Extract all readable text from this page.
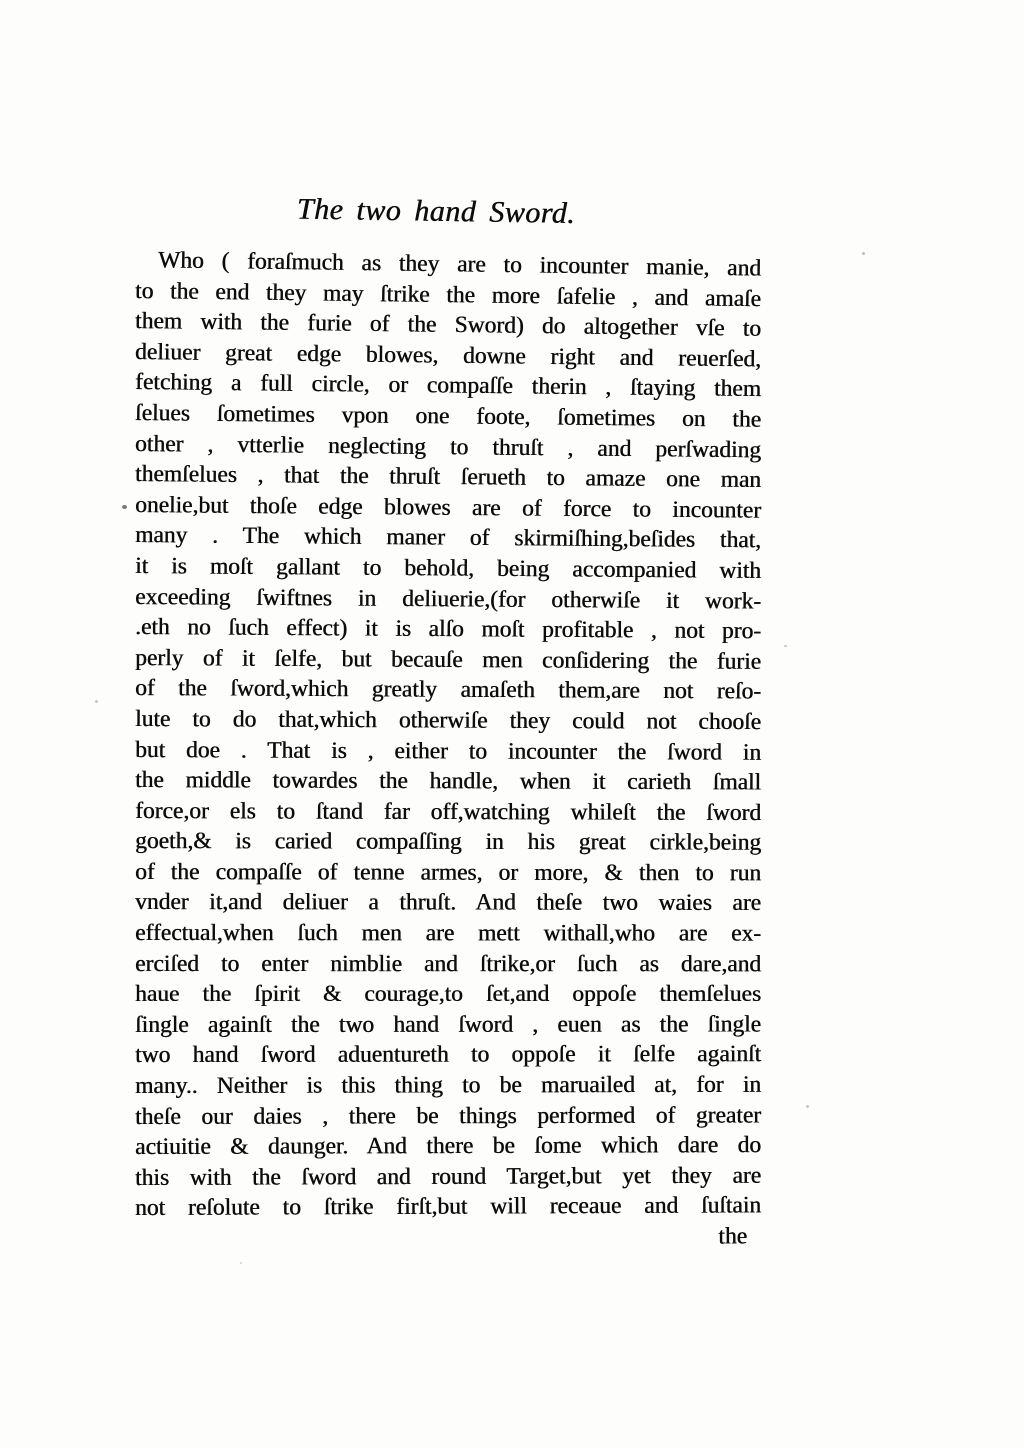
The two hand Sword.
Who ( foraſmuch as they are to incounter manie, and
to the end they may ſtrike the more ſafelie , and amaſe
them with the furie of the Sword) do altogether vſe to
deliuer great edge blowes, downe right and reuerſed,
fetching a full circle, or compaſſe therin , ſtaying them
ſelues ſometimes vpon one foote, ſometimes on the
other , vtterlie neglecting to thruſt , and perſwading
themſelues , that the thruſt ſerueth to amaze one man
onelie,but thoſe edge blowes are of force to incounter
many . The which maner of skirmiſhing,beſides that,
it is moſt gallant to behold, being accompanied with
exceeding ſwiftnes in deliuerie,(for otherwiſe it work-
.eth no ſuch effect) it is alſo moſt profitable , not pro-
perly of it ſelfe, but becauſe men conſidering the furie
of the ſword,which greatly amaſeth them,are not reſo-
lute to do that,which otherwiſe they could not chooſe
but doe . That is , either to incounter the ſword in
the middle towardes the handle, when it carieth ſmall
force,or els to ſtand far off,watching whileſt the ſword
goeth,& is caried compaſſing in his great cirkle,being
of the compaſſe of tenne armes, or more, & then to run
vnder it,and deliuer a thruſt. And theſe two waies are
effectual,when ſuch men are mett withall,who are ex-
erciſed to enter nimblie and ſtrike,or ſuch as dare,and
haue the ſpirit & courage,to ſet,and oppoſe themſelues
ſingle againſt the two hand ſword , euen as the ſingle
two hand ſword aduentureth to oppoſe it ſelfe againſt
many.. Neither is this thing to be maruailed at, for in
theſe our daies , there be things performed of greater
actiuitie & daunger. And there be ſome which dare do
this with the ſword and round Target,but yet they are
not reſolute to ſtrike firſt,but will receaue and ſuſtain
the
